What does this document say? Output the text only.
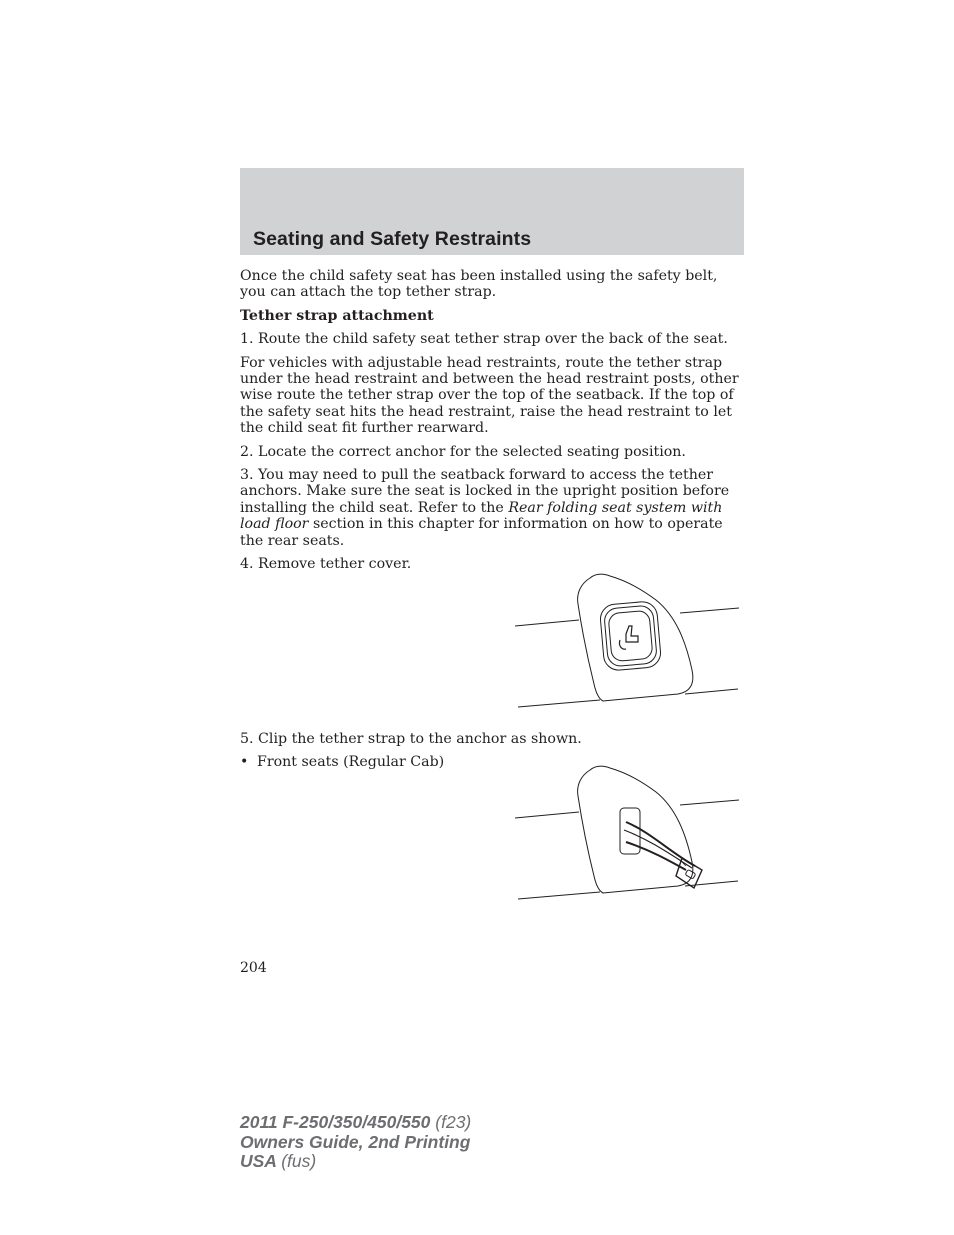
Seating and Safety Restraints

Once the child safety seat has been installed using the safety belt, you can attach the top tether strap.

Tether strap attachment

1. Route the child safety seat tether strap over the back of the seat.

For vehicles with adjustable head restraints, route the tether strap under the head restraint and between the head restraint posts, other wise route the tether strap over the top of the seatback. If the top of the safety seat hits the head restraint, raise the head restraint to let the child seat fit further rearward.

2. Locate the correct anchor for the selected seating position.

3. You may need to pull the seatback forward to access the tether anchors. Make sure the seat is locked in the upright position before installing the child seat. Refer to the Rear folding seat system with load floor section in this chapter for information on how to operate the rear seats.

4. Remove tether cover.

5. Clip the tether strap to the anchor as shown.

• Front seats (Regular Cab)

204

2011 F-250/350/450/550 (f23)
Owners Guide, 2nd Printing
USA (fus)
